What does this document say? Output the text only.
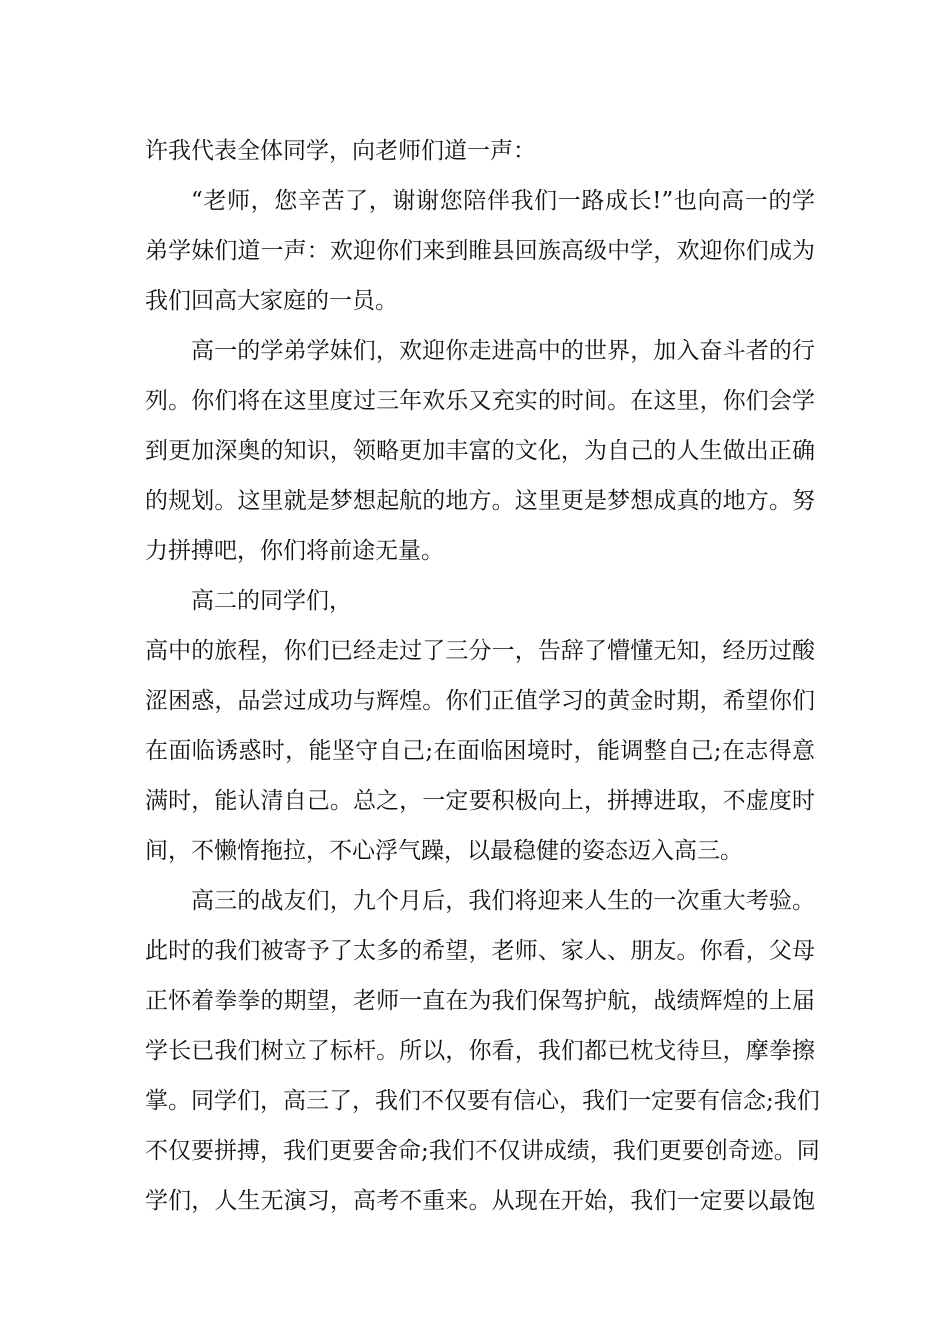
许我代表全体同学，向老师们道一声：
“老师，您辛苦了，谢谢您陪伴我们一路成长!”也向高一的学
弟学妹们道一声：欢迎你们来到睢县回族高级中学，欢迎你们成为
我们回高大家庭的一员。
高一的学弟学妹们，欢迎你走进高中的世界，加入奋斗者的行
列。你们将在这里度过三年欢乐又充实的时间。在这里，你们会学
到更加深奥的知识，领略更加丰富的文化，为自己的人生做出正确
的规划。这里就是梦想起航的地方。这里更是梦想成真的地方。努
力拼搏吧，你们将前途无量。
高二的同学们，
高中的旅程，你们已经走过了三分一，告辞了懵懂无知，经历过酸
涩困惑，品尝过成功与辉煌。你们正值学习的黄金时期，希望你们
在面临诱惑时，能坚守自己;在面临困境时，能调整自己;在志得意
满时，能认清自己。总之，一定要积极向上，拼搏进取，不虚度时
间，不懒惰拖拉，不心浮气躁，以最稳健的姿态迈入高三。
高三的战友们，九个月后，我们将迎来人生的一次重大考验。
此时的我们被寄予了太多的希望，老师、家人、朋友。你看，父母
正怀着拳拳的期望，老师一直在为我们保驾护航，战绩辉煌的上届
学长已我们树立了标杆。所以，你看，我们都已枕戈待旦，摩拳擦
掌。同学们，高三了，我们不仅要有信心，我们一定要有信念;我们
不仅要拼搏，我们更要舍命;我们不仅讲成绩，我们更要创奇迹。同
学们，人生无演习，高考不重来。从现在开始，我们一定要以最饱
